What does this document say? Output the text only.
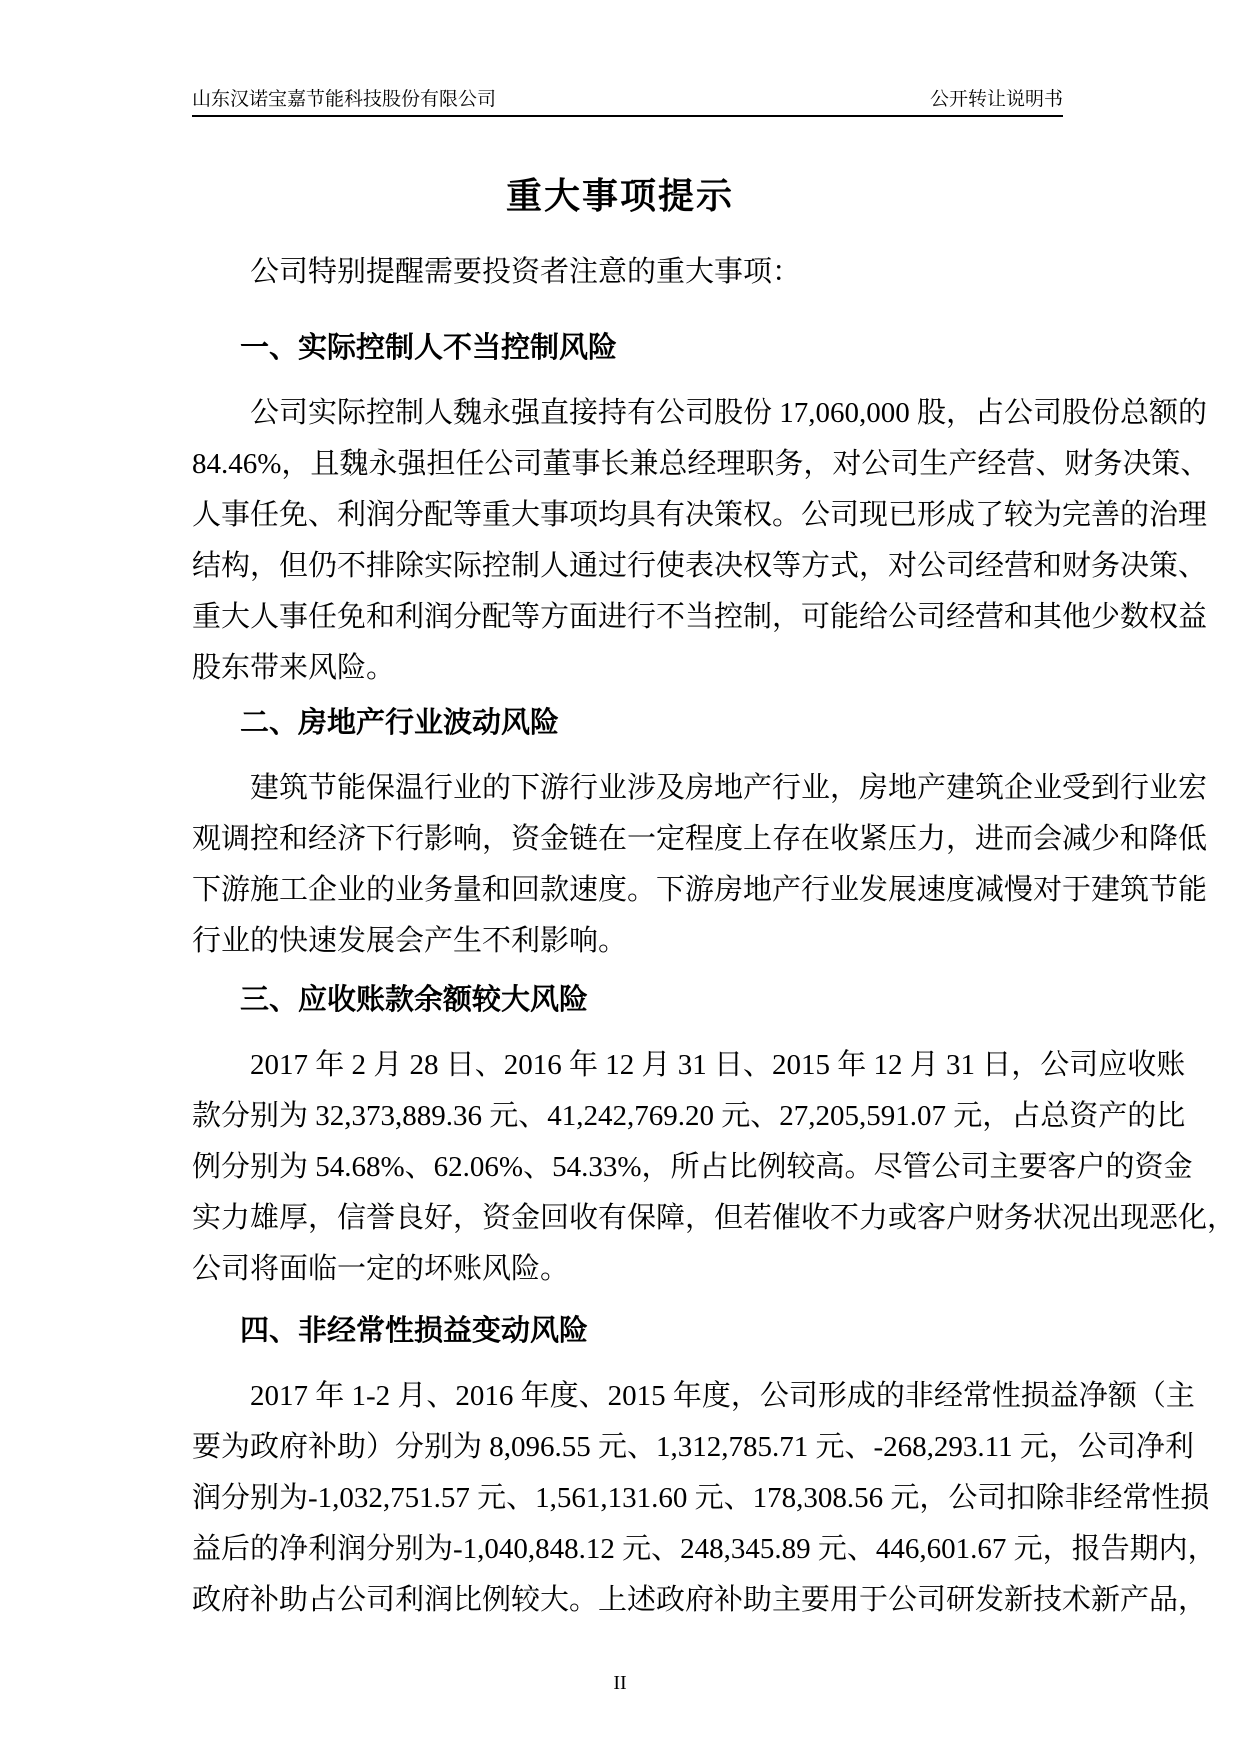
山东汉诺宝嘉节能科技股份有限公司	公开转让说明书
重大事项提示
公司特别提醒需要投资者注意的重大事项：
一、实际控制人不当控制风险
公司实际控制人魏永强直接持有公司股份 17,060,000 股，占公司股份总额的
84.46%，且魏永强担任公司董事长兼总经理职务，对公司生产经营、财务决策、
人事任免、利润分配等重大事项均具有决策权。公司现已形成了较为完善的治理
结构，但仍不排除实际控制人通过行使表决权等方式，对公司经营和财务决策、
重大人事任免和利润分配等方面进行不当控制，可能给公司经营和其他少数权益
股东带来风险。
二、房地产行业波动风险
建筑节能保温行业的下游行业涉及房地产行业，房地产建筑企业受到行业宏
观调控和经济下行影响，资金链在一定程度上存在收紧压力，进而会减少和降低
下游施工企业的业务量和回款速度。下游房地产行业发展速度减慢对于建筑节能
行业的快速发展会产生不利影响。
三、应收账款余额较大风险
2017 年 2 月 28 日、2016 年 12 月 31 日、2015 年 12 月 31 日，公司应收账
款分别为 32,373,889.36 元、41,242,769.20 元、27,205,591.07 元，占总资产的比
例分别为 54.68%、62.06%、54.33%，所占比例较高。尽管公司主要客户的资金
实力雄厚，信誉良好，资金回收有保障，但若催收不力或客户财务状况出现恶化，
公司将面临一定的坏账风险。
四、非经常性损益变动风险
2017 年 1-2 月、2016 年度、2015 年度，公司形成的非经常性损益净额（主
要为政府补助）分别为 8,096.55 元、1,312,785.71 元、-268,293.11 元，公司净利
润分别为-1,032,751.57 元、1,561,131.60 元、178,308.56 元，公司扣除非经常性损
益后的净利润分别为-1,040,848.12 元、248,345.89 元、446,601.67 元，报告期内，
政府补助占公司利润比例较大。上述政府补助主要用于公司研发新技术新产品，
II
